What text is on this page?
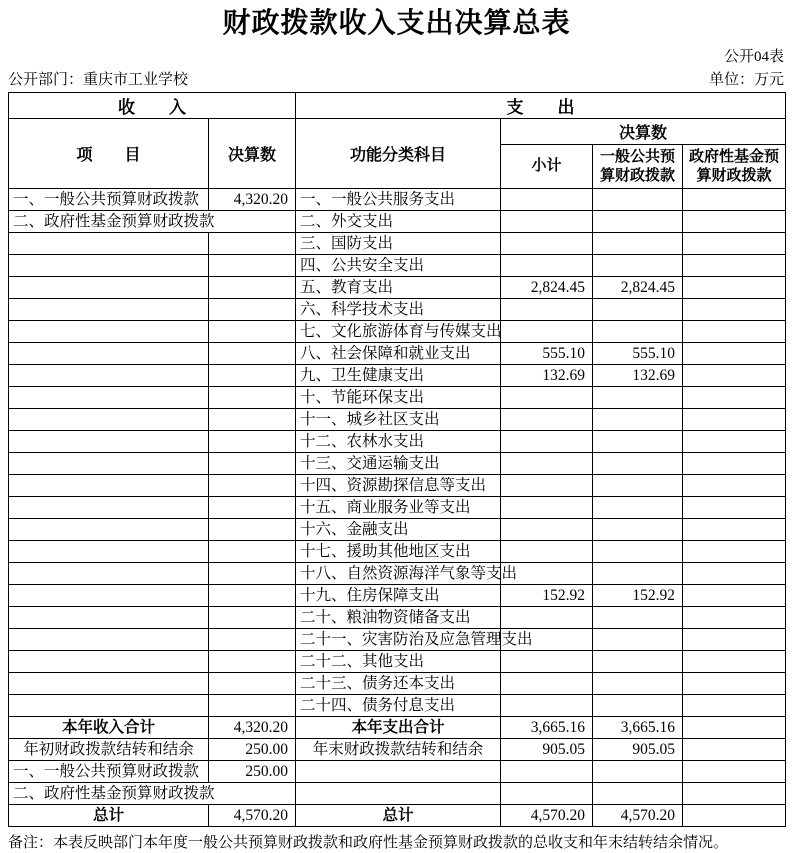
财政拨款收入支出决算总表
公开04表
公开部门：重庆市工业学校	单位：万元
收　　入		支　　出			
项　　目	决算数	功能分类科目	决算数		
			小计	一般公共预算财政拨款	政府性基金预算财政拨款
一、一般公共预算财政拨款	4,320.20	一、一般公共服务支出			
二、政府性基金预算财政拨款		二、外交支出			
		三、国防支出			
		四、公共安全支出			
		五、教育支出	2,824.45	2,824.45	
		六、科学技术支出			
		七、文化旅游体育与传媒支出			
		八、社会保障和就业支出	555.10	555.10	
		九、卫生健康支出	132.69	132.69	
		十、节能环保支出			
		十一、城乡社区支出			
		十二、农林水支出			
		十三、交通运输支出			
		十四、资源勘探信息等支出			
		十五、商业服务业等支出			
		十六、金融支出			
		十七、援助其他地区支出			
		十八、自然资源海洋气象等支出			
		十九、住房保障支出	152.92	152.92	
		二十、粮油物资储备支出			
		二十一、灾害防治及应急管理支出			
		二十二、其他支出			
		二十三、债务还本支出			
		二十四、债务付息支出			
本年收入合计	4,320.20	本年支出合计	3,665.16	3,665.16	
年初财政拨款结转和结余	250.00	年末财政拨款结转和结余	905.05	905.05	
一、一般公共预算财政拨款	250.00				
二、政府性基金预算财政拨款					
总计	4,570.20	总计	4,570.20	4,570.20	
备注：本表反映部门本年度一般公共预算财政拨款和政府性基金预算财政拨款的总收支和年末结转结余情况。
